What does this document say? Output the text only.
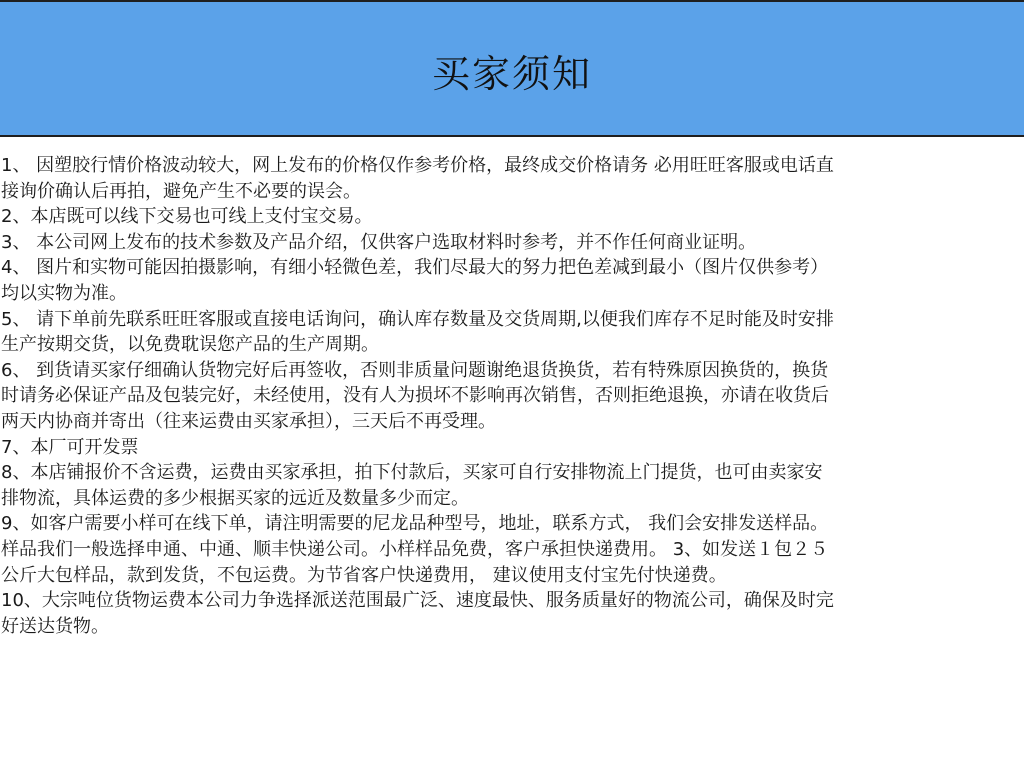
买家须知
1、 因塑胶行情价格波动较大，网上发布的价格仅作参考价格，最终成交价格请务 必用旺旺客服或电话直
接询价确认后再拍，避免产生不必要的误会。
2、本店既可以线下交易也可线上支付宝交易。
3、 本公司网上发布的技术参数及产品介绍，仅供客户选取材料时参考，并不作任何商业证明。
4、 图片和实物可能因拍摄影响，有细小轻微色差，我们尽最大的努力把色差减到最小（图片仅供参考）
均以实物为准。
5、 请下单前先联系旺旺客服或直接电话询问，确认库存数量及交货周期,以便我们库存不足时能及时安排
生产按期交货，以免费耽误您产品的生产周期。
6、 到货请买家仔细确认货物完好后再签收，否则非质量问题谢绝退货换货，若有特殊原因换货的，换货
时请务必保证产品及包装完好，未经使用，没有人为损坏不影响再次销售，否则拒绝退换，亦请在收货后
两天内协商并寄出（往来运费由买家承担），三天后不再受理。
7、本厂可开发票
8、本店铺报价不含运费，运费由买家承担，拍下付款后，买家可自行安排物流上门提货，也可由卖家安
排物流，具体运费的多少根据买家的远近及数量多少而定。
9、如客户需要小样可在线下单，请注明需要的尼龙品种型号，地址，联系方式， 我们会安排发送样品。
样品我们一般选择申通、中通、顺丰快递公司。小样样品免费，客户承担快递费用。 3、如发送１包２５
公斤大包样品，款到发货，不包运费。为节省客户快递费用， 建议使用支付宝先付快递费。
10、大宗吨位货物运费本公司力争选择派送范围最广泛、速度最快、服务质量好的物流公司，确保及时完
好送达货物。
